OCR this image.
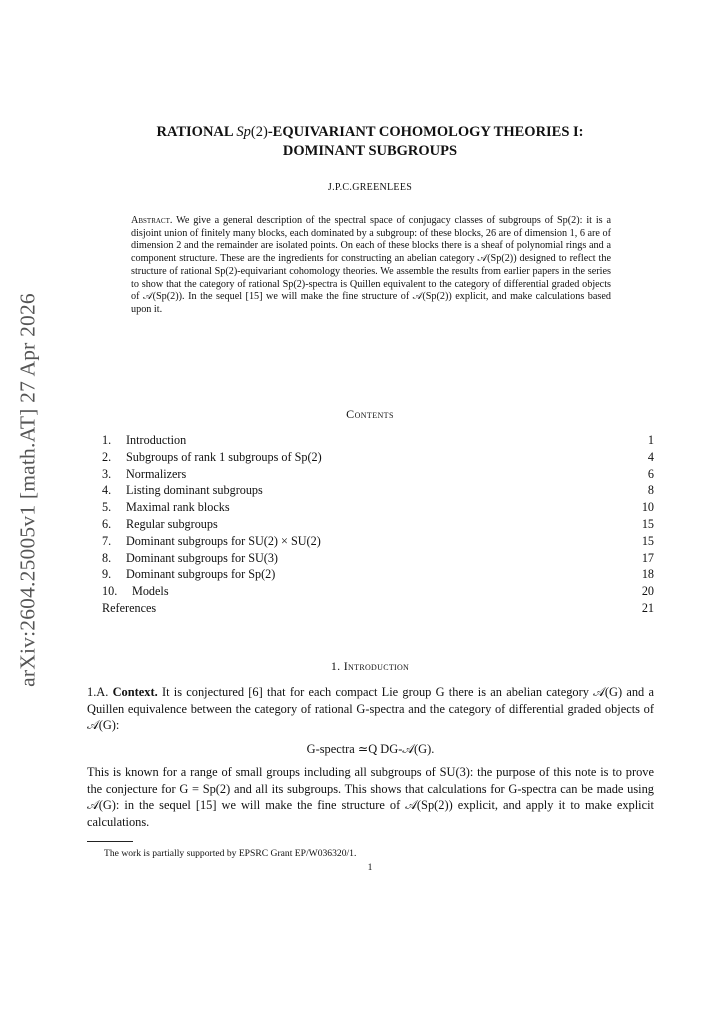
arXiv:2604.25005v1 [math.AT] 27 Apr 2026
RATIONAL Sp(2)-EQUIVARIANT COHOMOLOGY THEORIES I:
DOMINANT SUBGROUPS
J.P.C.GREENLEES
Abstract. We give a general description of the spectral space of conjugacy classes of subgroups of Sp(2): it is a disjoint union of finitely many blocks, each dominated by a subgroup: of these blocks, 26 are of dimension 1, 6 are of dimension 2 and the remainder are isolated points. On each of these blocks there is a sheaf of polynomial rings and a component structure. These are the ingredients for constructing an abelian category 𝒜(Sp(2)) designed to reflect the structure of rational Sp(2)-equivariant cohomology theories. We assemble the results from earlier papers in the series to show that the category of rational Sp(2)-spectra is Quillen equivalent to the category of differential graded objects of 𝒜(Sp(2)). In the sequel [15] we will make the fine structure of 𝒜(Sp(2)) explicit, and make calculations based upon it.
Contents
1. Introduction	1
2. Subgroups of rank 1 subgroups of Sp(2)	4
3. Normalizers	6
4. Listing dominant subgroups	8
5. Maximal rank blocks	10
6. Regular subgroups	15
7. Dominant subgroups for SU(2) × SU(2)	15
8. Dominant subgroups for SU(3)	17
9. Dominant subgroups for Sp(2)	18
10. Models	20
References	21
1. Introduction
1.A. Context. It is conjectured [6] that for each compact Lie group G there is an abelian category 𝒜(G) and a Quillen equivalence between the category of rational G-spectra and the category of differential graded objects of 𝒜(G):
G-spectra ≃Q DG-𝒜(G).
This is known for a range of small groups including all subgroups of SU(3): the purpose of this note is to prove the conjecture for G = Sp(2) and all its subgroups. This shows that calculations for G-spectra can be made using 𝒜(G): in the sequel [15] we will make the fine structure of 𝒜(Sp(2)) explicit, and apply it to make explicit calculations.
The work is partially supported by EPSRC Grant EP/W036320/1.
1
